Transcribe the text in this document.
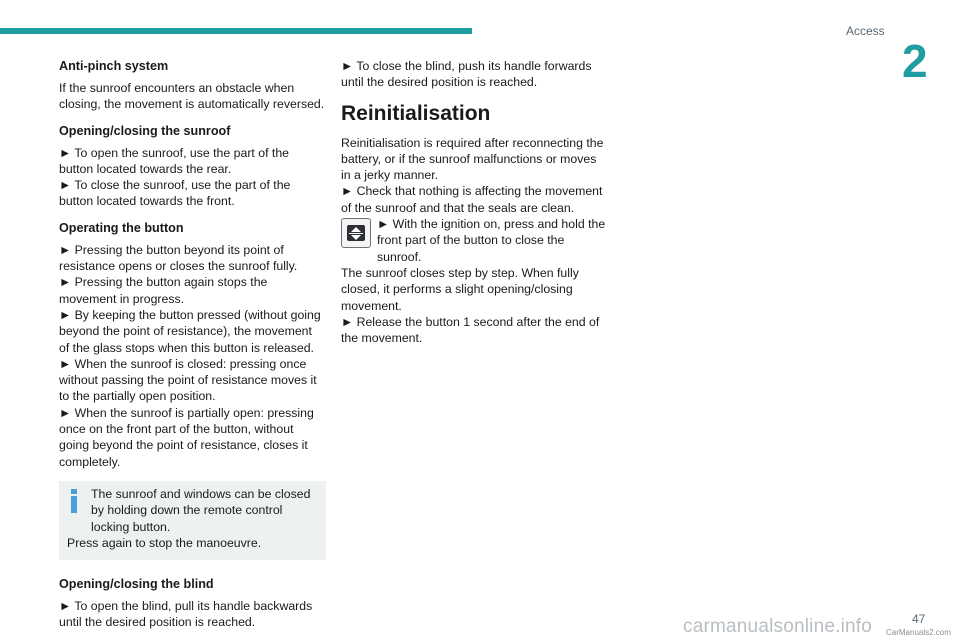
Access
2
Anti-pinch system

If the sunroof encounters an obstacle when closing, the movement is automatically reversed.

Opening/closing the sunroof

► To open the sunroof, use the part of the button located towards the rear.

► To close the sunroof, use the part of the button located towards the front.

Operating the button

► Pressing the button beyond its point of resistance opens or closes the sunroof fully.

► Pressing the button again stops the movement in progress.

► By keeping the button pressed (without going beyond the point of resistance), the movement of the glass stops when this button is released.

► When the sunroof is closed: pressing once without passing the point of resistance moves it to the partially open position.

► When the sunroof is partially open: pressing once on the front part of the button, without going beyond the point of resistance, closes it completely.

The sunroof and windows can be closed by holding down the remote control locking button.

Press again to stop the manoeuvre.

Opening/closing the blind

► To open the blind, pull its handle backwards until the desired position is reached.

► To close the blind, push its handle forwards until the desired position is reached.

Reinitialisation

Reinitialisation is required after reconnecting the battery, or if the sunroof malfunctions or moves in a jerky manner.

► Check that nothing is affecting the movement of the sunroof and that the seals are clean.

► With the ignition on, press and hold the front part of the button to close the sunroof.

The sunroof closes step by step. When fully closed, it performs a slight opening/closing movement.

► Release the button 1 second after the end of the movement.

47
carmanualsonline.info CarManuals2.com
